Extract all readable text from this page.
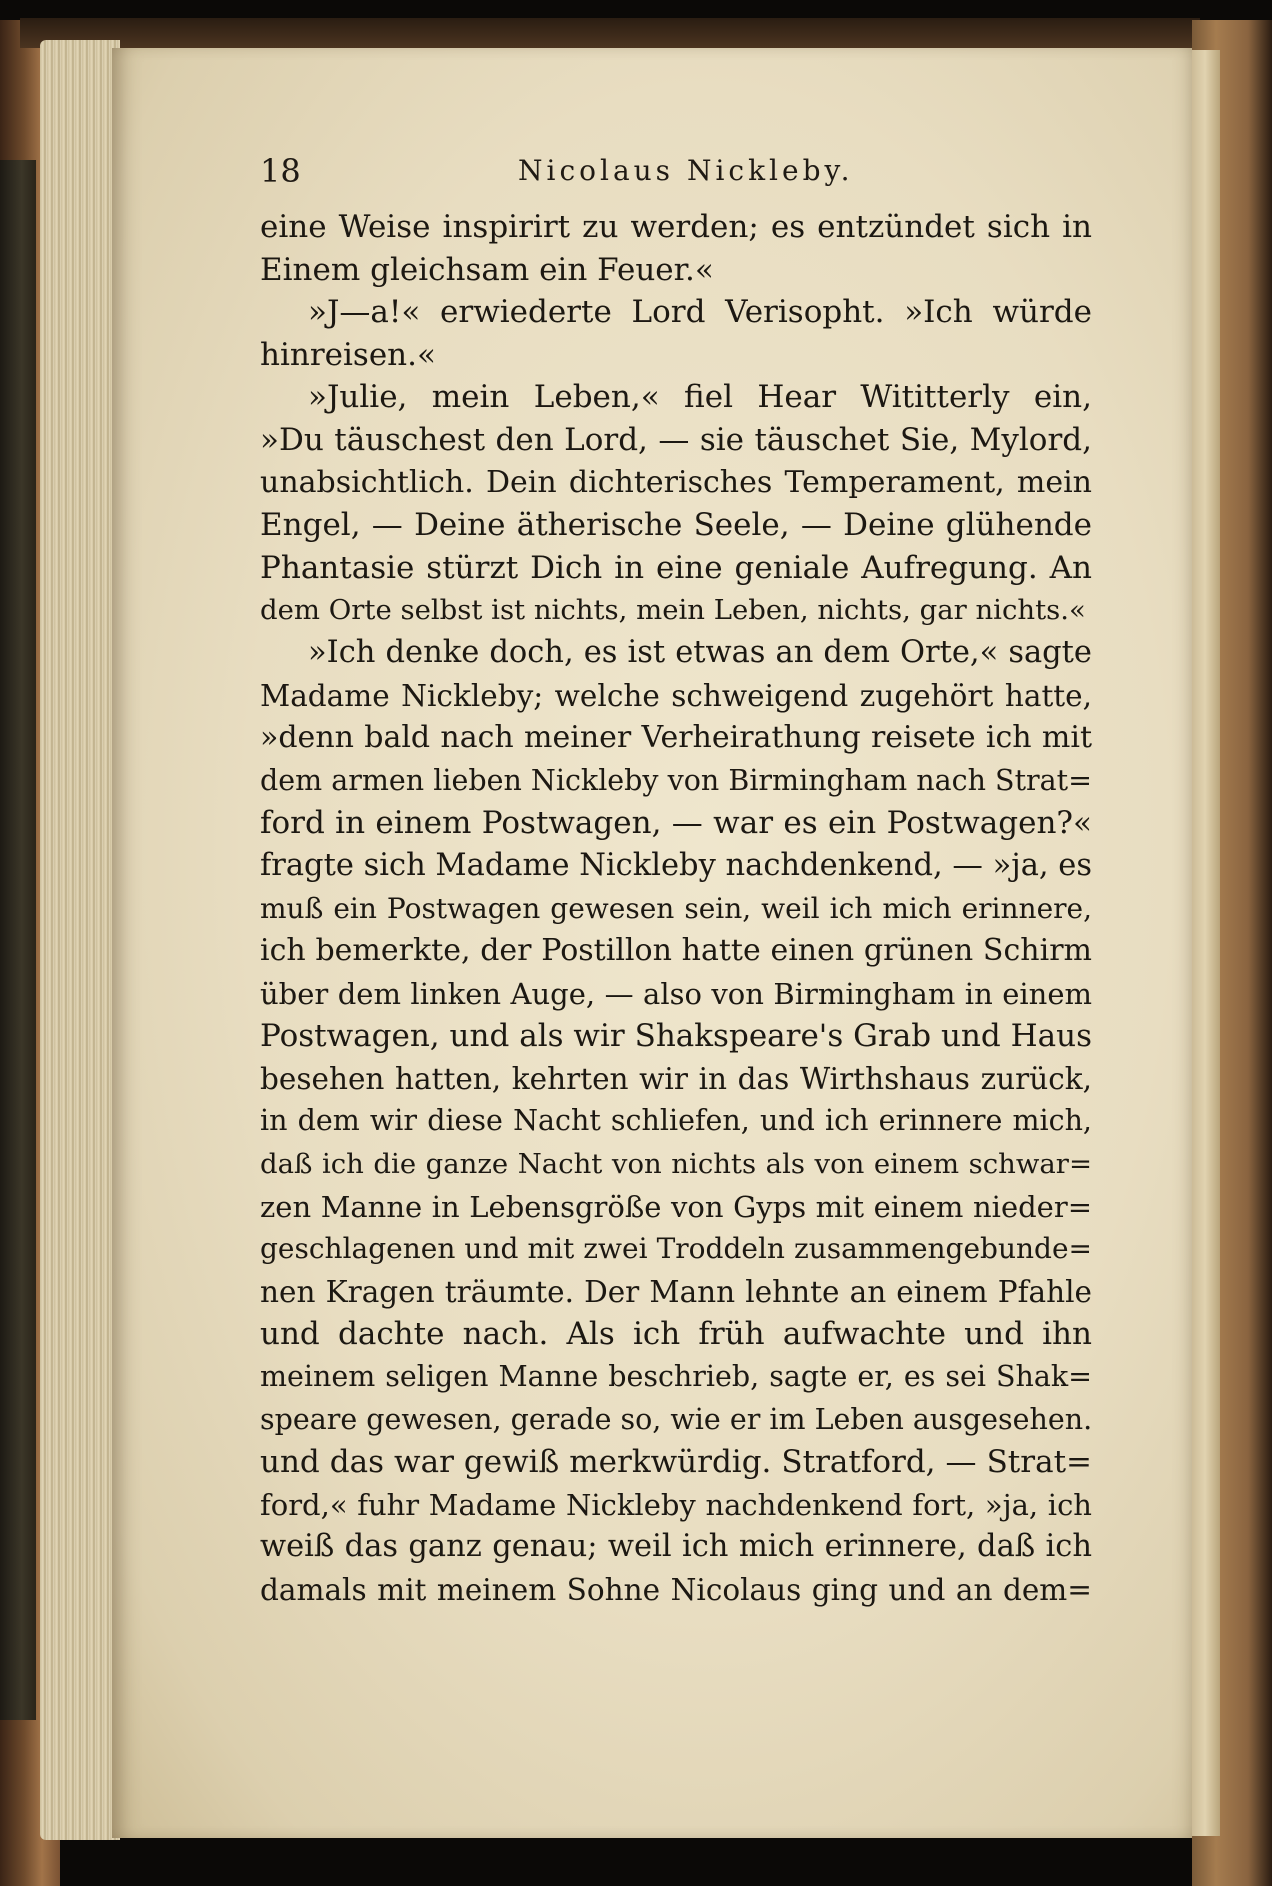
18	Nicolaus Nickleby.
eine Weise inspirirt zu werden; es entzündet sich in
Einem gleichsam ein Feuer.«
»J—a!« erwiederte Lord Verisopht. »Ich würde
hinreisen.«
»Julie, mein Leben,« fiel Hear Wititterly ein,
»Du täuschest den Lord, — sie täuschet Sie, Mylord,
unabsichtlich. Dein dichterisches Temperament, mein
Engel, — Deine ätherische Seele, — Deine glühende
Phantasie stürzt Dich in eine geniale Aufregung. An
dem Orte selbst ist nichts, mein Leben, nichts, gar nichts.«
»Ich denke doch, es ist etwas an dem Orte,« sagte
Madame Nickleby; welche schweigend zugehört hatte,
»denn bald nach meiner Verheirathung reisete ich mit
dem armen lieben Nickleby von Birmingham nach Strat=
ford in einem Postwagen, — war es ein Postwagen?«
fragte sich Madame Nickleby nachdenkend, — »ja, es
muß ein Postwagen gewesen sein, weil ich mich erinnere,
ich bemerkte, der Postillon hatte einen grünen Schirm
über dem linken Auge, — also von Birmingham in einem
Postwagen, und als wir Shakspeare's Grab und Haus
besehen hatten, kehrten wir in das Wirthshaus zurück,
in dem wir diese Nacht schliefen, und ich erinnere mich,
daß ich die ganze Nacht von nichts als von einem schwar=
zen Manne in Lebensgröße von Gyps mit einem nieder=
geschlagenen und mit zwei Troddeln zusammengebunde=
nen Kragen träumte. Der Mann lehnte an einem Pfahle
und dachte nach. Als ich früh aufwachte und ihn
meinem seligen Manne beschrieb, sagte er, es sei Shak=
speare gewesen, gerade so, wie er im Leben ausgesehen.
und das war gewiß merkwürdig. Stratford, — Strat=
ford,« fuhr Madame Nickleby nachdenkend fort, »ja, ich
weiß das ganz genau; weil ich mich erinnere, daß ich
damals mit meinem Sohne Nicolaus ging und an dem=
